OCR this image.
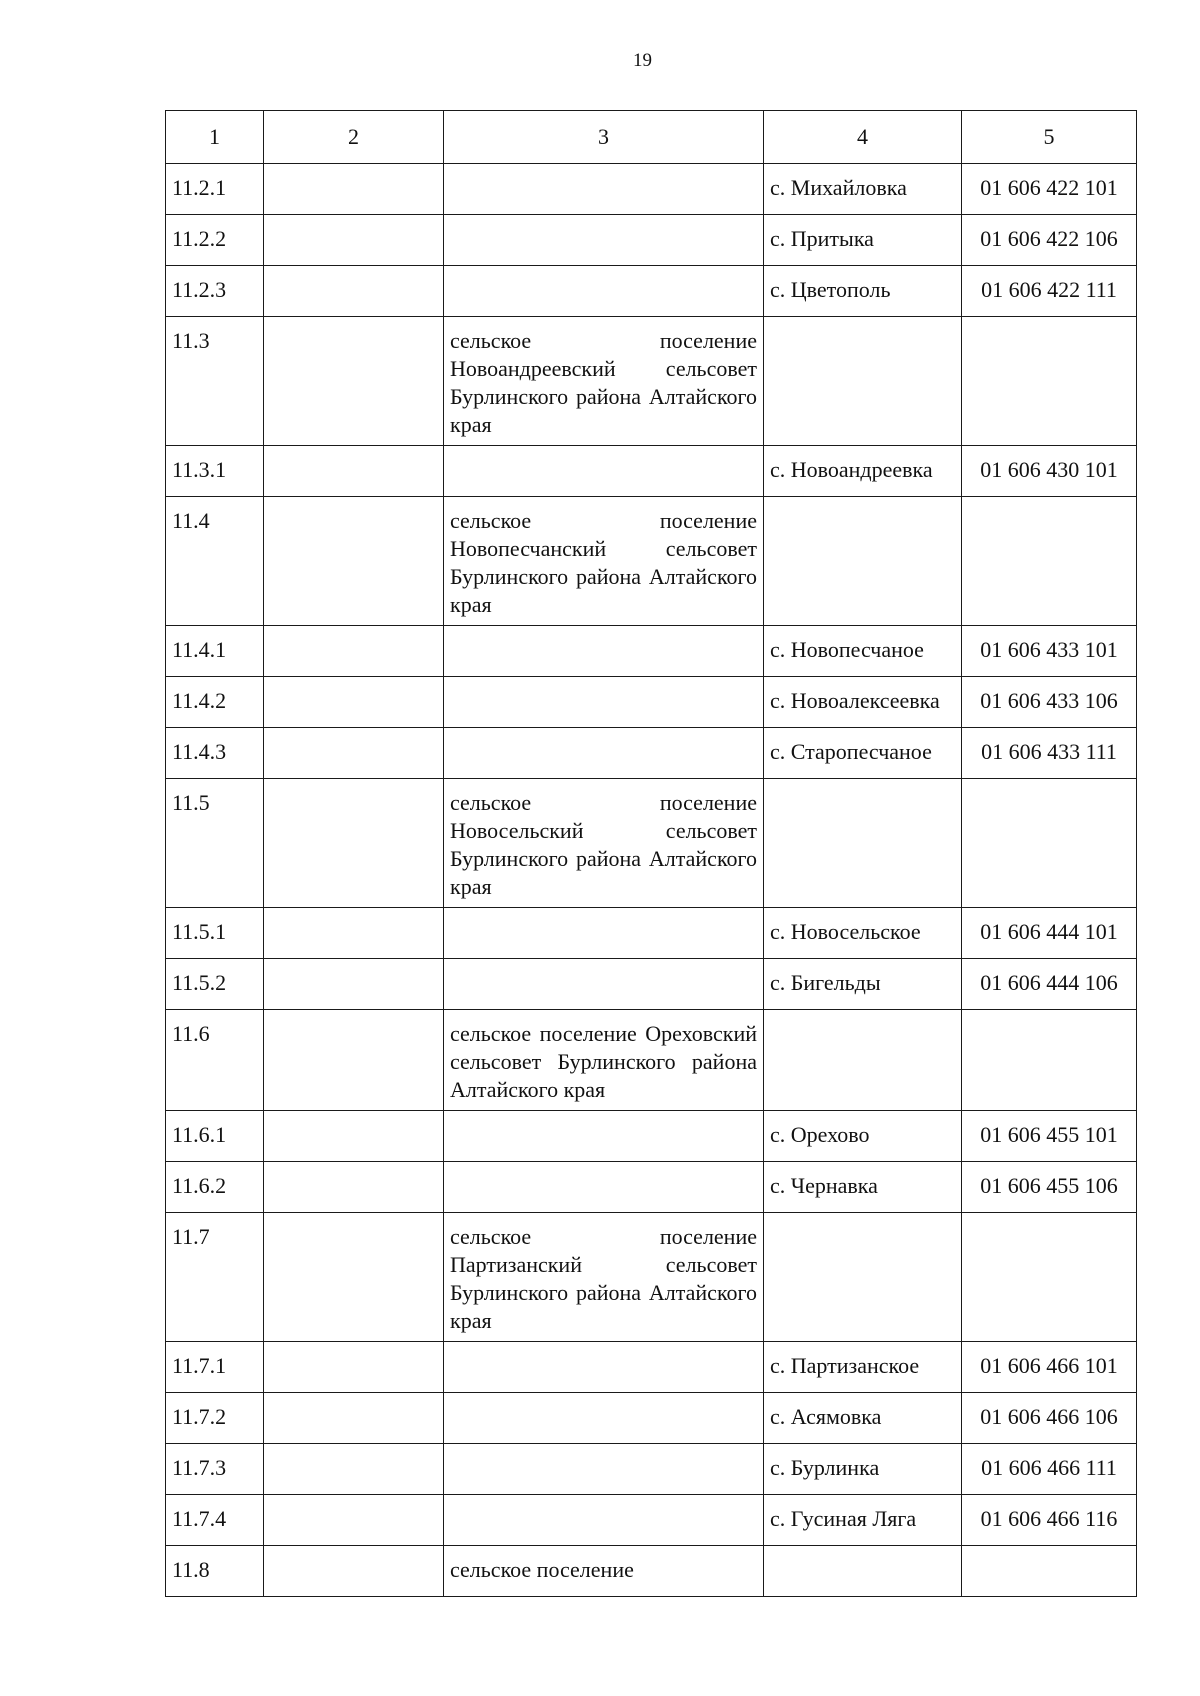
19
1	2	3	4	5
11.2.1			с. Михайловка	01 606 422 101
11.2.2			с. Притыка	01 606 422 106
11.2.3			с. Цветополь	01 606 422 111
11.3		сельское поселение Новоандреевский сельсовет Бурлинского района Алтайского края		
11.3.1			с. Новоандреевка	01 606 430 101
11.4		сельское поселение Новопесчанский сельсовет Бурлинского района Алтайского края		
11.4.1			с. Новопесчаное	01 606 433 101
11.4.2			с. Новоалексеевка	01 606 433 106
11.4.3			с. Старопесчаное	01 606 433 111
11.5		сельское поселение Новосельский сельсовет Бурлинского района Алтайского края		
11.5.1			с. Новосельское	01 606 444 101
11.5.2			с. Бигельды	01 606 444 106
11.6		сельское поселение Ореховский сельсовет Бурлинского района Алтайского края		
11.6.1			с. Орехово	01 606 455 101
11.6.2			с. Чернавка	01 606 455 106
11.7		сельское поселение Партизанский сельсовет Бурлинского района Алтайского края		
11.7.1			с. Партизанское	01 606 466 101
11.7.2			с. Асямовка	01 606 466 106
11.7.3			с. Бурлинка	01 606 466 111
11.7.4			с. Гусиная Ляга	01 606 466 116
11.8		сельское поселение		
